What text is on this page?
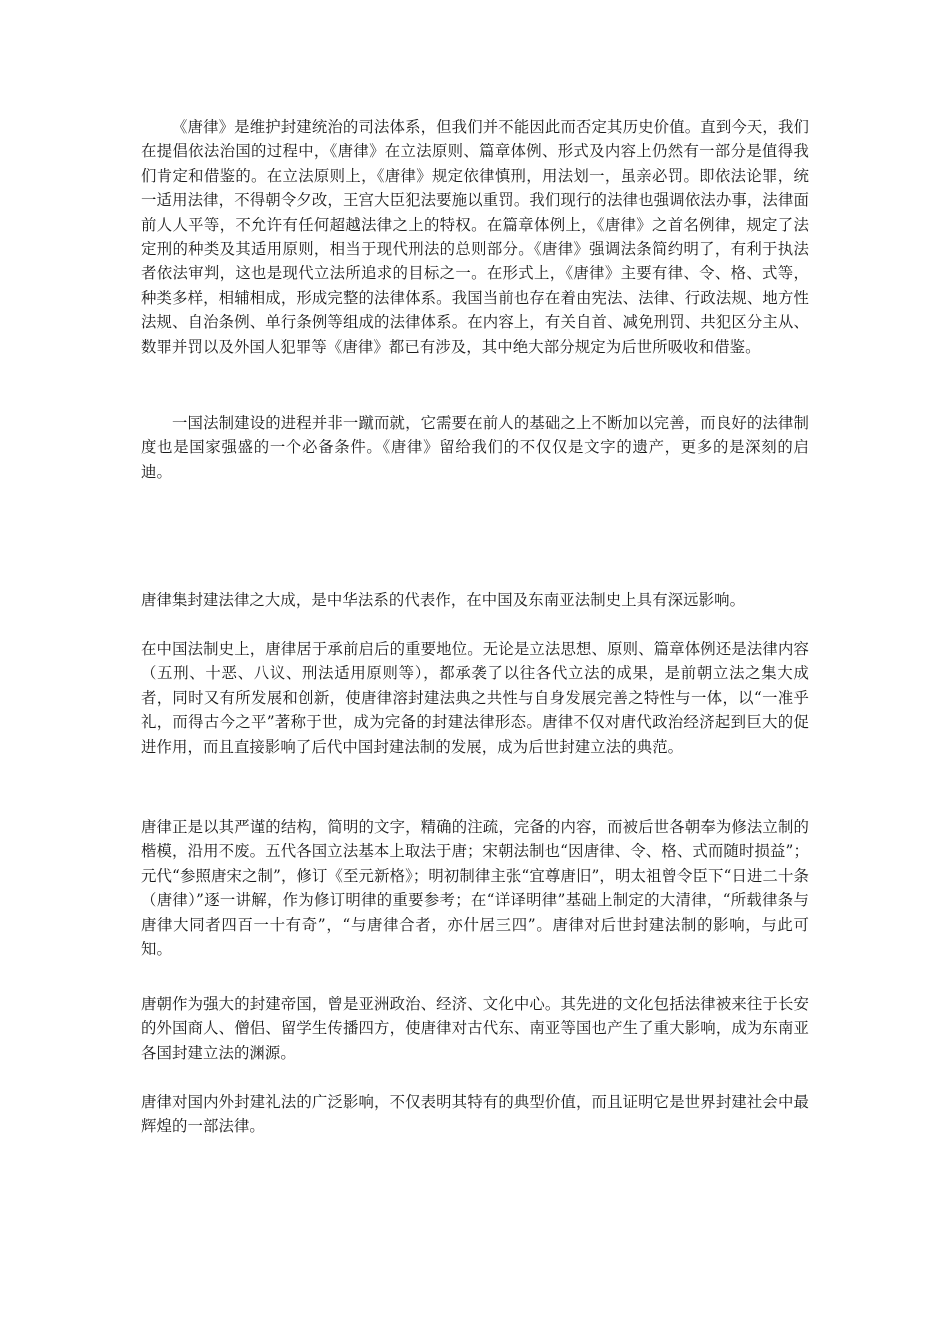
《唐律》是维护封建统治的司法体系，但我们并不能因此而否定其历史价值。直到今天，我们在提倡依法治国的过程中，《唐律》在立法原则、篇章体例、形式及内容上仍然有一部分是值得我们肯定和借鉴的。在立法原则上，《唐律》规定依律慎刑，用法划一，虽亲必罚。即依法论罪，统一适用法律，不得朝令夕改，王宫大臣犯法要施以重罚。我们现行的法律也强调依法办事，法律面前人人平等，不允许有任何超越法律之上的特权。在篇章体例上，《唐律》之首名例律，规定了法定刑的种类及其适用原则，相当于现代刑法的总则部分。《唐律》强调法条简约明了，有利于执法者依法审判，这也是现代立法所追求的目标之一。在形式上，《唐律》主要有律、令、格、式等，种类多样，相辅相成，形成完整的法律体系。我国当前也存在着由宪法、法律、行政法规、地方性法规、自治条例、单行条例等组成的法律体系。在内容上，有关自首、减免刑罚、共犯区分主从、数罪并罚以及外国人犯罪等《唐律》都已有涉及，其中绝大部分规定为后世所吸收和借鉴。

一国法制建设的进程并非一蹴而就，它需要在前人的基础之上不断加以完善，而良好的法律制度也是国家强盛的一个必备条件。《唐律》留给我们的不仅仅是文字的遗产，更多的是深刻的启迪。

唐律集封建法律之大成，是中华法系的代表作，在中国及东南亚法制史上具有深远影响。

在中国法制史上，唐律居于承前启后的重要地位。无论是立法思想、原则、篇章体例还是法律内容（五刑、十恶、八议、刑法适用原则等），都承袭了以往各代立法的成果，是前朝立法之集大成者，同时又有所发展和创新，使唐律溶封建法典之共性与自身发展完善之特性与一体，以“一准乎礼，而得古今之平”著称于世，成为完备的封建法律形态。唐律不仅对唐代政治经济起到巨大的促进作用，而且直接影响了后代中国封建法制的发展，成为后世封建立法的典范。

唐律正是以其严谨的结构，简明的文字，精确的注疏，完备的内容，而被后世各朝奉为修法立制的楷模，沿用不废。五代各国立法基本上取法于唐；宋朝法制也“因唐律、令、格、式而随时损益”；元代“参照唐宋之制”，修订《至元新格》；明初制律主张“宜尊唐旧”，明太祖曾令臣下“日进二十条（唐律）”逐一讲解，作为修订明律的重要参考；在“详译明律”基础上制定的大清律，“所载律条与唐律大同者四百一十有奇”，“与唐律合者，亦什居三四”。唐律对后世封建法制的影响，与此可知。

唐朝作为强大的封建帝国，曾是亚洲政治、经济、文化中心。其先进的文化包括法律被来往于长安的外国商人、僧侣、留学生传播四方，使唐律对古代东、南亚等国也产生了重大影响，成为东南亚各国封建立法的渊源。

唐律对国内外封建礼法的广泛影响，不仅表明其特有的典型价值，而且证明它是世界封建社会中最辉煌的一部法律。
